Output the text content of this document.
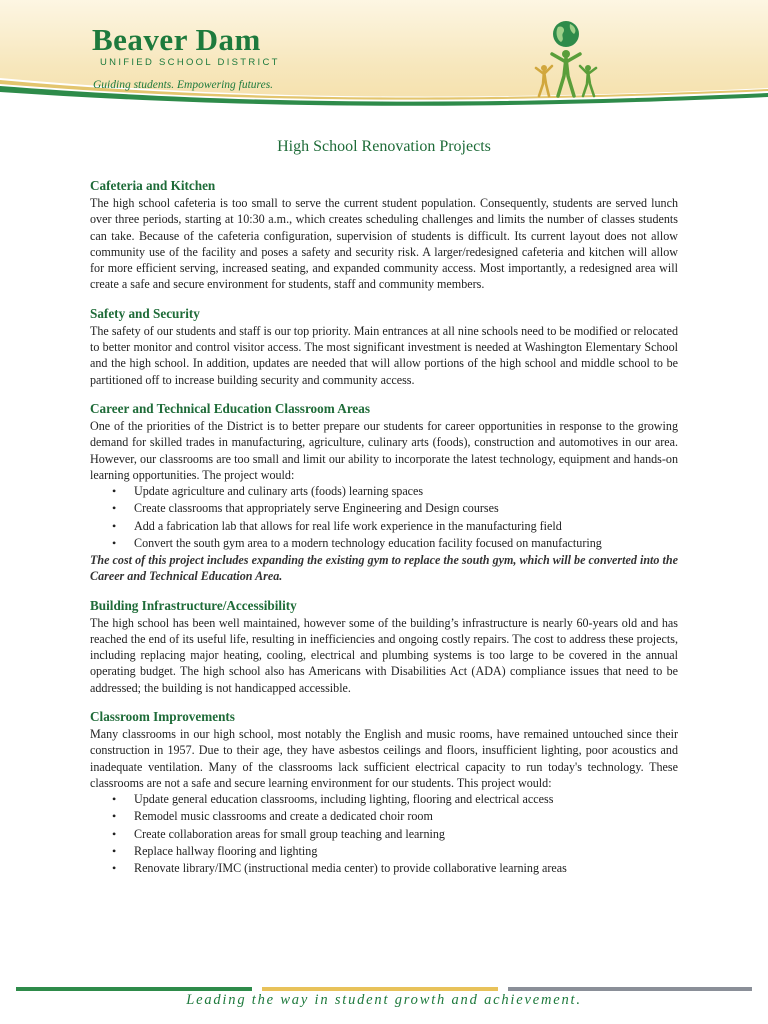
Beaver Dam
UNIFIED SCHOOL DISTRICT
Guiding students. Empowering futures.
High School Renovation Projects
Cafeteria and Kitchen

The high school cafeteria is too small to serve the current student population. Consequently, students are served lunch over three periods, starting at 10:30 a.m., which creates scheduling challenges and limits the number of classes students can take. Because of the cafeteria configuration, supervision of students is difficult. Its current layout does not allow community use of the facility and poses a safety and security risk. A larger/redesigned cafeteria and kitchen will allow for more efficient serving, increased seating, and expanded community access. Most importantly, a redesigned area will create a safe and secure environment for students, staff and community members.

Safety and Security

The safety of our students and staff is our top priority. Main entrances at all nine schools need to be modified or relocated to better monitor and control visitor access. The most significant investment is needed at Washington Elementary School and the high school. In addition, updates are needed that will allow portions of the high school and middle school to be partitioned off to increase building security and community access.

Career and Technical Education Classroom Areas

One of the priorities of the District is to better prepare our students for career opportunities in response to the growing demand for skilled trades in manufacturing, agriculture, culinary arts (foods), construction and automotives in our area. However, our classrooms are too small and limit our ability to incorporate the latest technology, equipment and hands-on learning opportunities. The project would:

• Update agriculture and culinary arts (foods) learning spaces
• Create classrooms that appropriately serve Engineering and Design courses
• Add a fabrication lab that allows for real life work experience in the manufacturing field
• Convert the south gym area to a modern technology education facility focused on manufacturing

The cost of this project includes expanding the existing gym to replace the south gym, which will be converted into the Career and Technical Education Area.

Building Infrastructure/Accessibility

The high school has been well maintained, however some of the building’s infrastructure is nearly 60-years old and has reached the end of its useful life, resulting in inefficiencies and ongoing costly repairs. The cost to address these projects, including replacing major heating, cooling, electrical and plumbing systems is too large to be covered in the annual operating budget. The high school also has Americans with Disabilities Act (ADA) compliance issues that need to be addressed; the building is not handicapped accessible.

Classroom Improvements

Many classrooms in our high school, most notably the English and music rooms, have remained untouched since their construction in 1957. Due to their age, they have asbestos ceilings and floors, insufficient lighting, poor acoustics and inadequate ventilation. Many of the classrooms lack sufficient electrical capacity to run today's technology. These classrooms are not a safe and secure learning environment for our students. This project would:

• Update general education classrooms, including lighting, flooring and electrical access
• Remodel music classrooms and create a dedicated choir room
• Create collaboration areas for small group teaching and learning
• Replace hallway flooring and lighting
• Renovate library/IMC (instructional media center) to provide collaborative learning areas
Leading the way in student growth and achievement.
